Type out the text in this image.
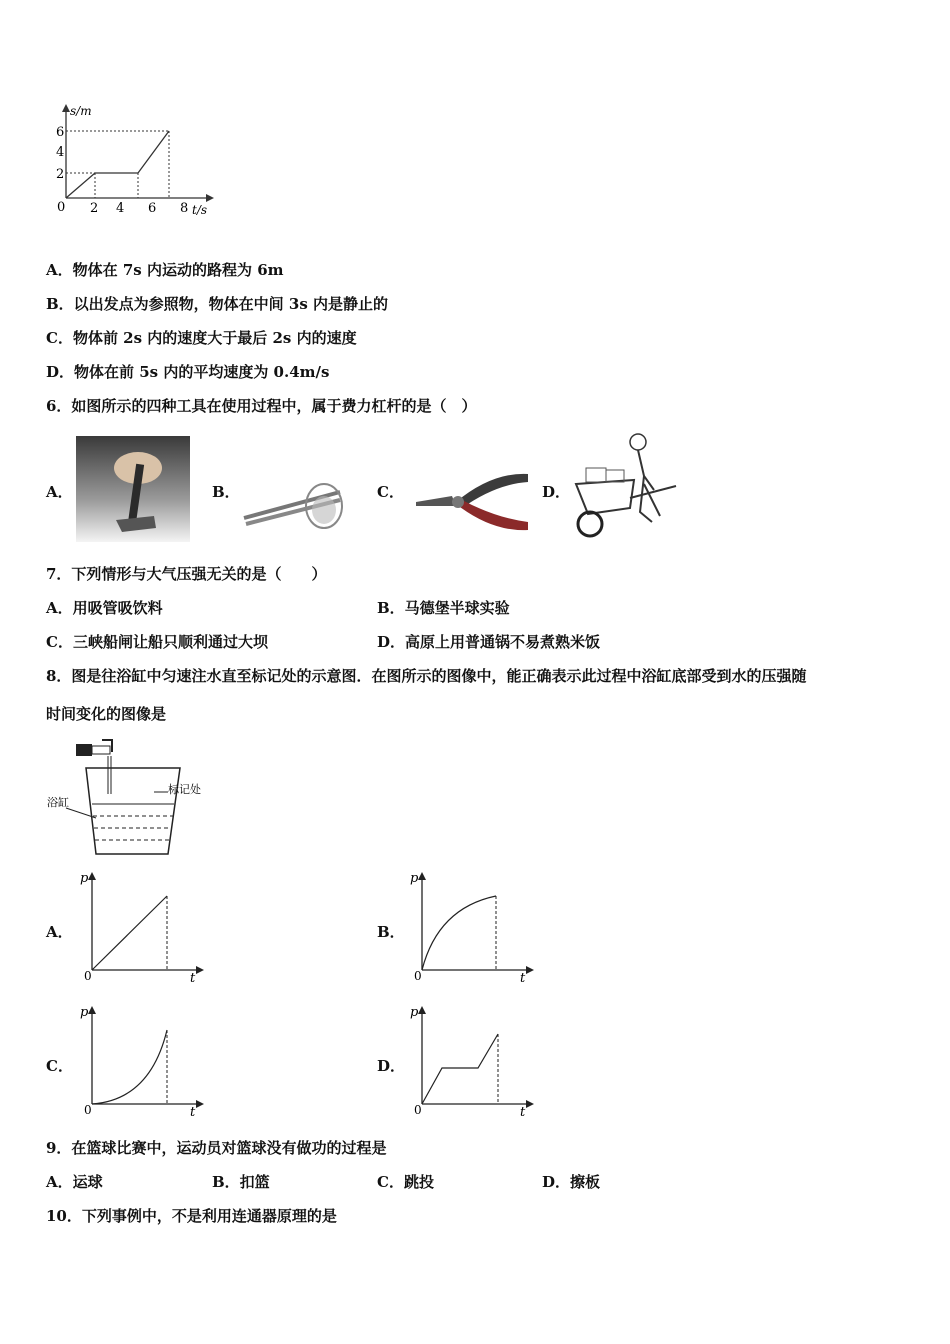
s/m
t/s
0
2
4
6
2 4 6 8
A．物体在 7s 内运动的路程为 6m
B．以出发点为参照物，物体在中间 3s 内是静止的
C．物体前 2s 内的速度大于最后 2s 内的速度
D．物体在前 5s 内的平均速度为 0.4m/s
6．如图所示的四种工具在使用过程中，属于费力杠杆的是（　）
A．	B．	C．	D．
7．下列情形与大气压强无关的是（　　）
A．用吸管吸饮料	B．马德堡半球实验
C．三峡船闸让船只顺利通过大坝	D．高原上用普通锅不易煮熟米饭
8．图是往浴缸中匀速注水直至标记处的示意图．在图所示的图像中，能正确表示此过程中浴缸底部受到水的压强随
时间变化的图像是
浴缸
标记处
A．
p
t
0
B．
p
t
0
C．
p
t
0
D．
p
t
0
9．在篮球比赛中，运动员对篮球没有做功的过程是
A．运球	B．扣篮	C．跳投	D．擦板
10．下列事例中，不是利用连通器原理的是
